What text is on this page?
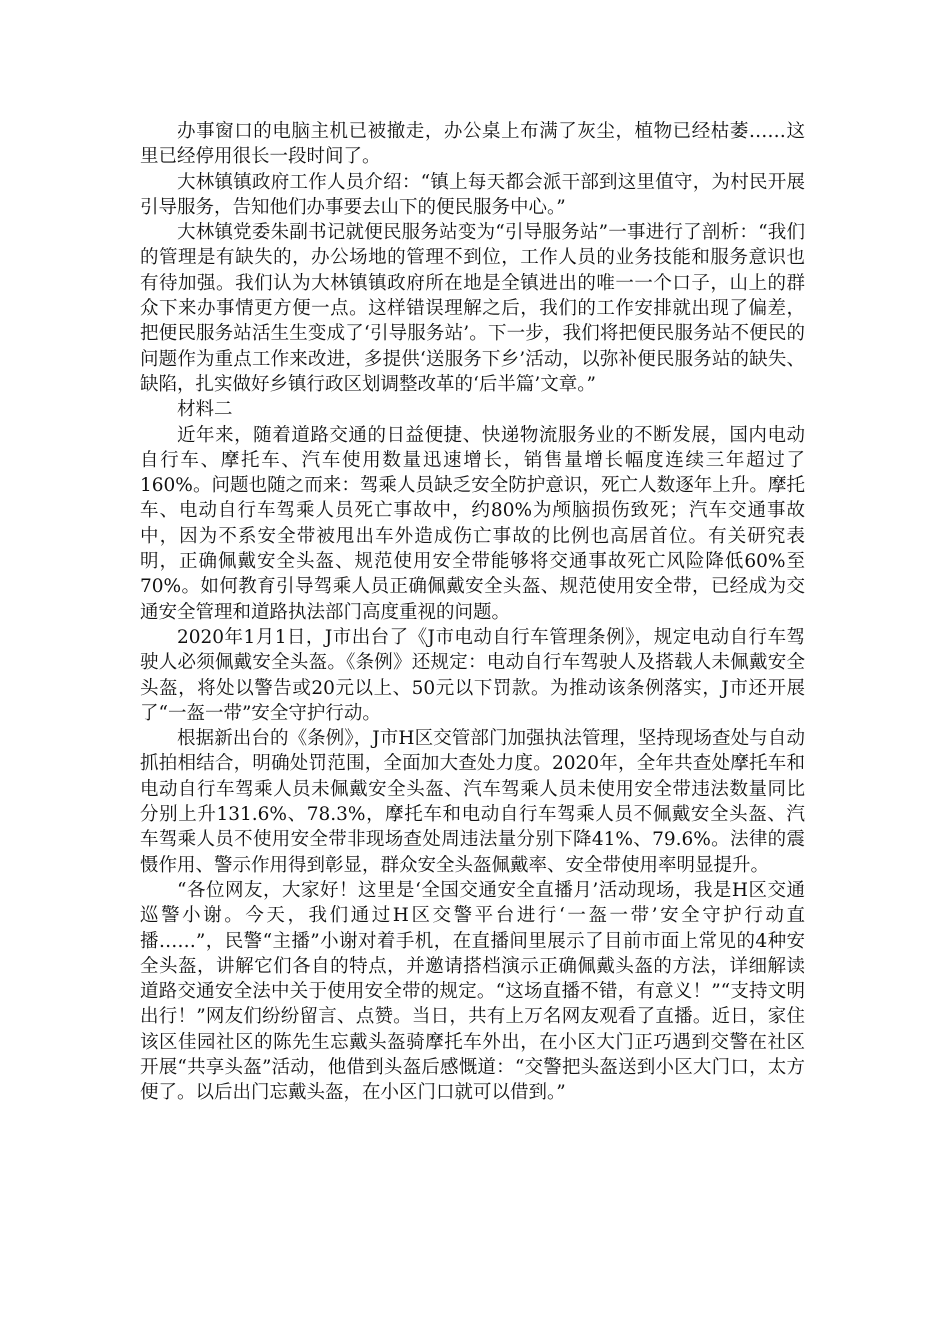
办事窗口的电脑主机已被撤走，办公桌上布满了灰尘，植物已经枯萎……这里已经停用很长一段时间了。

大林镇镇政府工作人员介绍：“镇上每天都会派干部到这里值守，为村民开展引导服务，告知他们办事要去山下的便民服务中心。”

大林镇党委朱副书记就便民服务站变为“引导服务站”一事进行了剖析：“我们的管理是有缺失的，办公场地的管理不到位，工作人员的业务技能和服务意识也有待加强。我们认为大林镇镇政府所在地是全镇进出的唯一一个口子，山上的群众下来办事情更方便一点。这样错误理解之后，我们的工作安排就出现了偏差，把便民服务站活生生变成了‘引导服务站’。下一步，我们将把便民服务站不便民的问题作为重点工作来改进，多提供‘送服务下乡’活动，以弥补便民服务站的缺失、缺陷，扎实做好乡镇行政区划调整改革的‘后半篇’文章。”

材料二

近年来，随着道路交通的日益便捷、快递物流服务业的不断发展，国内电动自行车、摩托车、汽车使用数量迅速增长，销售量增长幅度连续三年超过了160%。问题也随之而来：驾乘人员缺乏安全防护意识，死亡人数逐年上升。摩托车、电动自行车驾乘人员死亡事故中，约80%为颅脑损伤致死；汽车交通事故中，因为不系安全带被甩出车外造成伤亡事故的比例也高居首位。有关研究表明，正确佩戴安全头盔、规范使用安全带能够将交通事故死亡风险降低60%至70%。如何教育引导驾乘人员正确佩戴安全头盔、规范使用安全带，已经成为交通安全管理和道路执法部门高度重视的问题。

2020年1月1日，J市出台了《J市电动自行车管理条例》，规定电动自行车驾驶人必须佩戴安全头盔。《条例》还规定：电动自行车驾驶人及搭载人未佩戴安全头盔，将处以警告或20元以上、50元以下罚款。为推动该条例落实，J市还开展了“一盔一带”安全守护行动。

根据新出台的《条例》，J市H区交管部门加强执法管理，坚持现场查处与自动抓拍相结合，明确处罚范围，全面加大查处力度。2020年，全年共查处摩托车和电动自行车驾乘人员未佩戴安全头盔、汽车驾乘人员未使用安全带违法数量同比分别上升131.6%、78.3%，摩托车和电动自行车驾乘人员不佩戴安全头盔、汽车驾乘人员不使用安全带非现场查处周违法量分别下降41%、79.6%。法律的震慑作用、警示作用得到彰显，群众安全头盔佩戴率、安全带使用率明显提升。

“各位网友，大家好！这里是‘全国交通安全直播月’活动现场，我是H区交通巡警小谢。今天，我们通过H区交警平台进行‘一盔一带’安全守护行动直播……”，民警“主播”小谢对着手机，在直播间里展示了目前市面上常见的4种安全头盔，讲解它们各自的特点，并邀请搭档演示正确佩戴头盔的方法，详细解读道路交通安全法中关于使用安全带的规定。“这场直播不错，有意义！”“支持文明出行！”网友们纷纷留言、点赞。当日，共有上万名网友观看了直播。近日，家住该区佳园社区的陈先生忘戴头盔骑摩托车外出，在小区大门正巧遇到交警在社区开展“共享头盔”活动，他借到头盔后感慨道：“交警把头盔送到小区大门口，太方便了。以后出门忘戴头盔，在小区门口就可以借到。”
